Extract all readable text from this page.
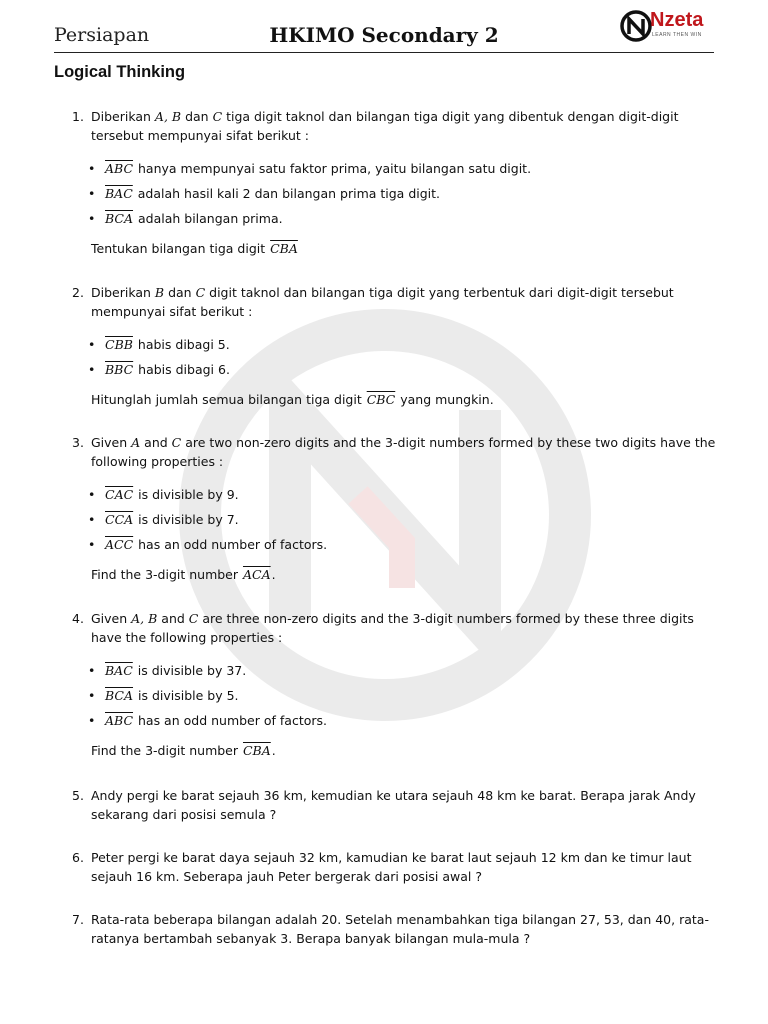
Persiapan	HKIMO Secondary 2
Nzeta
LEARN THEN WIN
Logical Thinking
1. Diberikan A, B dan C tiga digit taknol dan bilangan tiga digit yang dibentuk dengan digit-digit tersebut mempunyai sifat berikut :
• $\overline{ABC}$ hanya mempunyai satu faktor prima, yaitu bilangan satu digit.
• $\overline{BAC}$ adalah hasil kali 2 dan bilangan prima tiga digit.
• $\overline{BCA}$ adalah bilangan prima.
Tentukan bilangan tiga digit $\overline{CBA}$
2. Diberikan B dan C digit taknol dan bilangan tiga digit yang terbentuk dari digit-digit tersebut mempunyai sifat berikut :
• $\overline{CBB}$ habis dibagi 5.
• $\overline{BBC}$ habis dibagi 6.
Hitunglah jumlah semua bilangan tiga digit $\overline{CBC}$ yang mungkin.
3. Given A and C are two non-zero digits and the 3-digit numbers formed by these two digits have the following properties :
• $\overline{CAC}$ is divisible by 9.
• $\overline{CCA}$ is divisible by 7.
• $\overline{ACC}$ has an odd number of factors.
Find the 3-digit number $\overline{ACA}$.
4. Given A, B and C are three non-zero digits and the 3-digit numbers formed by these three digits have the following properties :
• $\overline{BAC}$ is divisible by 37.
• $\overline{BCA}$ is divisible by 5.
• $\overline{ABC}$ has an odd number of factors.
Find the 3-digit number $\overline{CBA}$.
5. Andy pergi ke barat sejauh 36 km, kemudian ke utara sejauh 48 km ke barat. Berapa jarak Andy sekarang dari posisi semula ?
6. Peter pergi ke barat daya sejauh 32 km, kamudian ke barat laut sejauh 12 km dan ke timur laut sejauh 16 km. Seberapa jauh Peter bergerak dari posisi awal ?
7. Rata-rata beberapa bilangan adalah 20. Setelah menambahkan tiga bilangan 27, 53, dan 40, rata-ratanya bertambah sebanyak 3. Berapa banyak bilangan mula-mula ?
